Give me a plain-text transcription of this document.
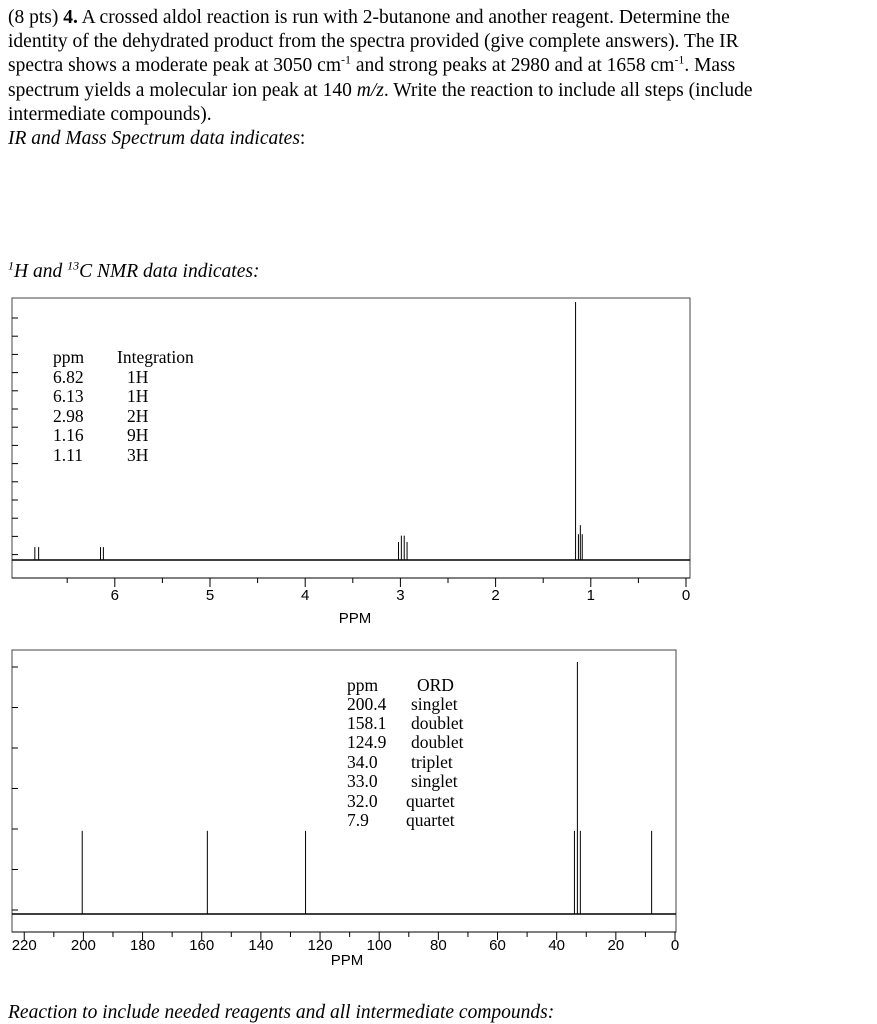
(8 pts) 4. A crossed aldol reaction is run with 2-butanone and another reagent. Determine the
identity of the dehydrated product from the spectra provided (give complete answers). The IR
spectra shows a moderate peak at 3050 $cm^{-1}$ and strong peaks at 2980 and at 1658 $cm^{-1}$. Mass
spectrum yields a molecular ion peak at 140 m/z. Write the reaction to include all steps (include
intermediate compounds).
IR and Mass Spectrum data indicates:
$^1$H and $^{13}$C NMR data indicates:
6	5	4	3	2	1	0
PPM
ppm Integration
6.82 1H
6.13 1H
2.98 2H
1.16 9H
1.11	3H
220 200 180 160 140 120 100	80	60	40	20	0
PPM
ppm ORD
200.4 singlet
158.1 doublet
124.9 doublet
34.0 triplet
33.0 singlet
32.0 quartet
7.9 quartet
Reaction to include needed reagents and all intermediate compounds:
